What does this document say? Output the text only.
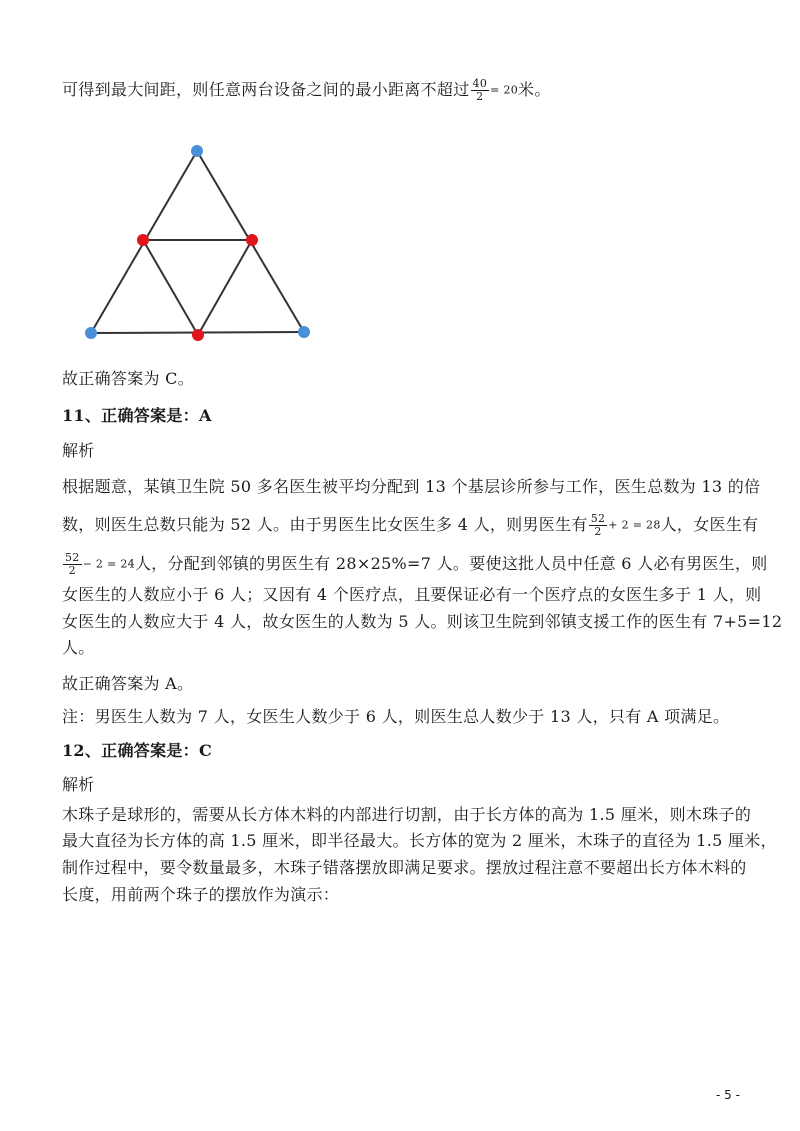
可得到最大间距，则任意两台设备之间的最小距离不超过 $\frac{40}{2} = 20$米。
故正确答案为 C。
11、正确答案是：A
解析
根据题意，某镇卫生院 50 多名医生被平均分配到 13 个基层诊所参与工作，医生总数为 13 的倍
数，则医生总数只能为 52 人。由于男医生比女医生多 4 人，则男医生有 $\frac{52}{2} + 2 = 28$人，女医生有
$\frac{52}{2} - 2 = 24$人，分配到邻镇的男医生有 28×25%=7 人。要使这批人员中任意 6 人必有男医生，则
女医生的人数应小于 6 人；又因有 4 个医疗点，且要保证必有一个医疗点的女医生多于 1 人，则
女医生的人数应大于 4 人，故女医生的人数为 5 人。则该卫生院到邻镇支援工作的医生有 7+5=12
人。
故正确答案为 A。
注：男医生人数为 7 人，女医生人数少于 6 人，则医生总人数少于 13 人，只有 A 项满足。
12、正确答案是：C
解析
木珠子是球形的，需要从长方体木料的内部进行切割，由于长方体的高为 1.5 厘米，则木珠子的
最大直径为长方体的高 1.5 厘米，即半径最大。长方体的宽为 2 厘米，木珠子的直径为 1.5 厘米，
制作过程中，要令数量最多，木珠子错落摆放即满足要求。摆放过程注意不要超出长方体木料的
长度，用前两个珠子的摆放作为演示：
- 5 -
